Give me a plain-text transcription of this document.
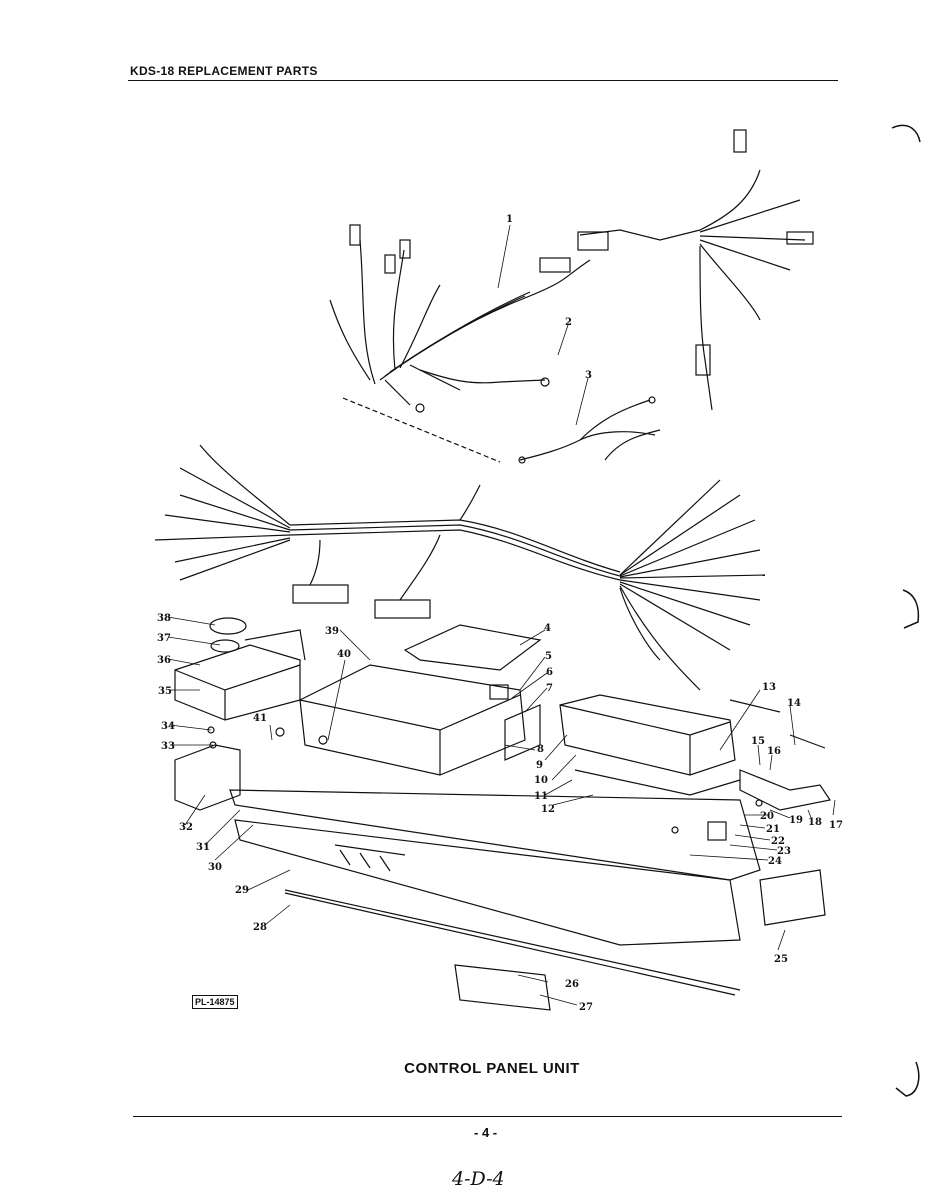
KDS-18 REPLACEMENT PARTS
1
2
3
4
5
6
7
8
9
10
11
12
13
14
15
16
17
18
19
20
21
22
23
24
25
26
27
28
29
30
31
32
33
34
35
36
37
38
39
40
41
PL-14875
CONTROL PANEL UNIT
- 4 -
4-D-4
